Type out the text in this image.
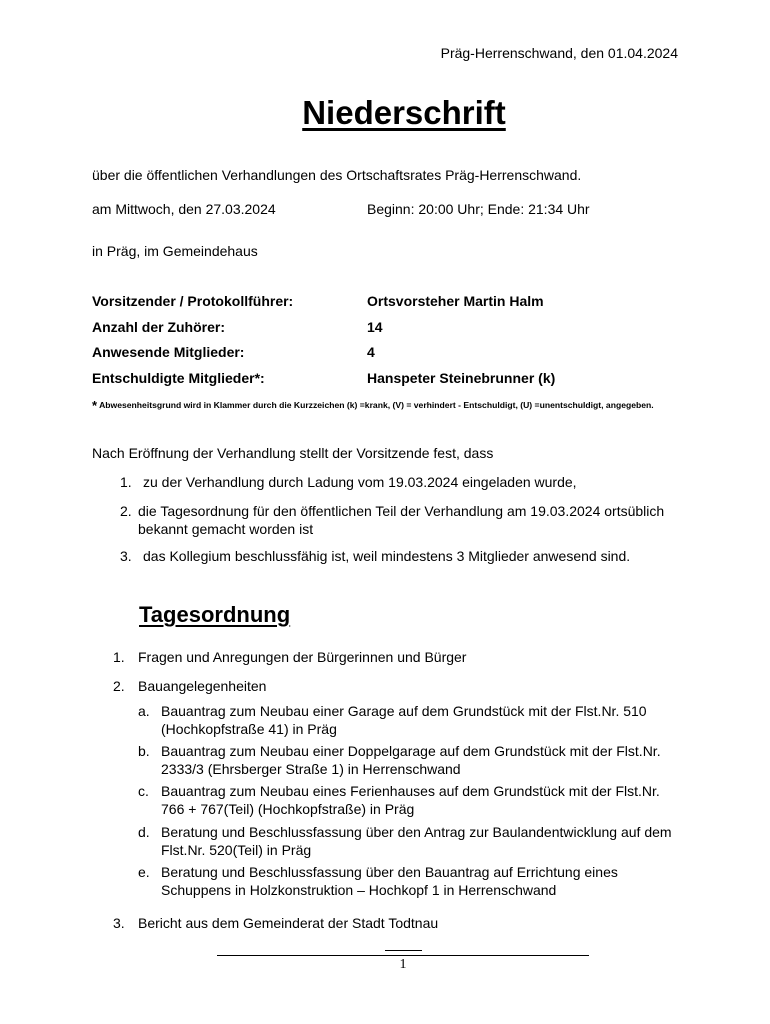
Präg-Herrenschwand, den 01.04.2024
Niederschrift
über die öffentlichen Verhandlungen des Ortschaftsrates Präg-Herrenschwand.
am Mittwoch, den 27.03.2024	Beginn: 20:00 Uhr; Ende: 21:34 Uhr
in Präg, im Gemeindehaus
Vorsitzender / Protokollführer:	Ortsvorsteher Martin Halm
Anzahl der Zuhörer:	14
Anwesende Mitglieder:	4
Entschuldigte Mitglieder*:	Hanspeter Steinebrunner (k)
* Abwesenheitsgrund wird in Klammer durch die Kurzzeichen (k) =krank, (V) = verhindert - Entschuldigt, (U) =unentschuldigt, angegeben.
Nach Eröffnung der Verhandlung stellt der Vorsitzende fest, dass
1. zu der Verhandlung durch Ladung vom 19.03.2024 eingeladen wurde,
2. die Tagesordnung für den öffentlichen Teil der Verhandlung am 19.03.2024 ortsüblich bekannt gemacht worden ist
3. das Kollegium beschlussfähig ist, weil mindestens 3 Mitglieder anwesend sind.
Tagesordnung
1. Fragen und Anregungen der Bürgerinnen und Bürger
2. Bauangelegenheiten
a. Bauantrag zum Neubau einer Garage auf dem Grundstück mit der Flst.Nr. 510 (Hochkopfstraße 41) in Präg
b. Bauantrag zum Neubau einer Doppelgarage auf dem Grundstück mit der Flst.Nr. 2333/3 (Ehrsberger Straße 1) in Herrenschwand
c. Bauantrag zum Neubau eines Ferienhauses auf dem Grundstück mit der Flst.Nr. 766 + 767(Teil) (Hochkopfstraße) in Präg
d. Beratung und Beschlussfassung über den Antrag zur Baulandentwicklung auf dem Flst.Nr. 520(Teil) in Präg
e. Beratung und Beschlussfassung über den Bauantrag auf Errichtung eines Schuppens in Holzkonstruktion – Hochkopf 1 in Herrenschwand
3. Bericht aus dem Gemeinderat der Stadt Todtnau
1
